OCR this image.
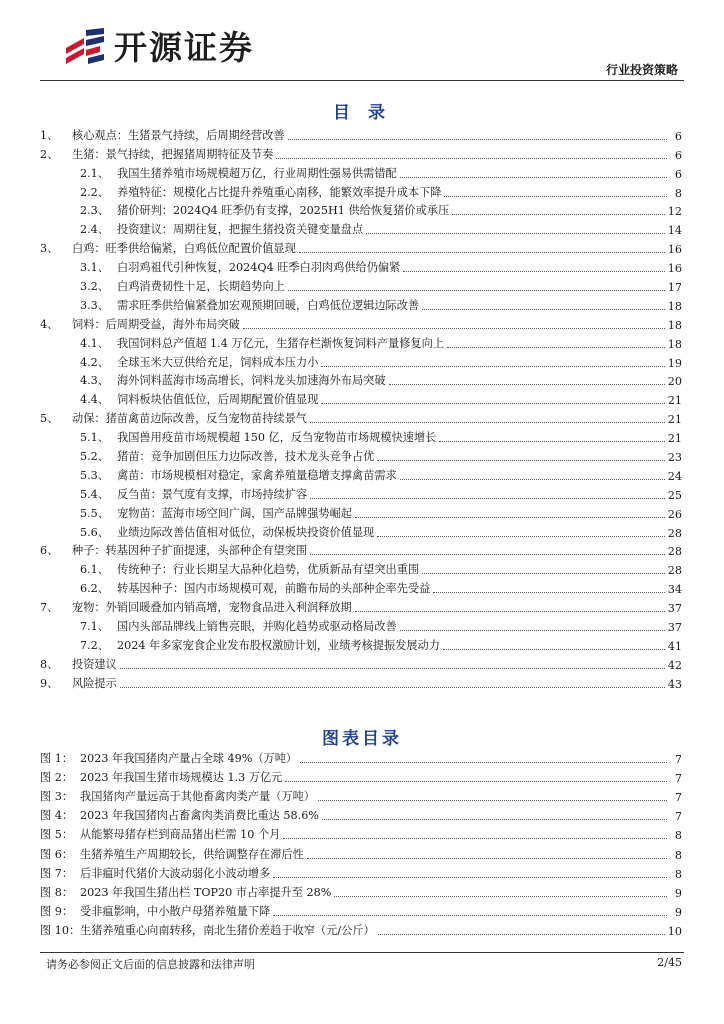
开源证券
行业投资策略
目 录
1、	核心观点：生猪景气持续，后周期经营改善	6
2、	生猪：景气持续，把握猪周期特征及节奏	6
2.1、 我国生猪养殖市场规模超万亿，行业周期性强易供需错配	6
2.2、 养殖特征：规模化占比提升养殖重心南移，能繁效率提升成本下降	8
2.3、 猪价研判：2024Q4 旺季仍有支撑，2025H1 供给恢复猪价或承压	12
2.4、 投资建议：周期往复，把握生猪投资关键变量盘点	14
3、	白鸡：旺季供给偏紧，白鸡低位配置价值显现	16
3.1、 白羽鸡祖代引种恢复，2024Q4 旺季白羽肉鸡供给仍偏紧	16
3.2、 白鸡消费韧性十足，长期趋势向上	17
3.3、 需求旺季供给偏紧叠加宏观预期回暖，白鸡低位逻辑边际改善	18
4、	饲料：后周期受益，海外布局突破	18
4.1、 我国饲料总产值超 1.4 万亿元，生猪存栏渐恢复饲料产量修复向上	18
4.2、 全球玉米大豆供给充足，饲料成本压力小	19
4.3、 海外饲料蓝海市场高增长，饲料龙头加速海外布局突破	20
4.4、 饲料板块估值低位，后周期配置价值显现	21
5、	动保：猪苗禽苗边际改善，反刍宠物苗持续景气	21
5.1、 我国兽用疫苗市场规模超 150 亿，反刍宠物苗市场规模快速增长	21
5.2、 猪苗：竞争加剧但压力边际改善，技术龙头竞争占优	23
5.3、 禽苗：市场规模相对稳定，家禽养殖量稳增支撑禽苗需求	24
5.4、 反刍苗：景气度有支撑，市场持续扩容	25
5.5、 宠物苗：蓝海市场空间广阔，国产品牌强势崛起	26
5.6、 业绩边际改善估值相对低位，动保板块投资价值显现	28
6、	种子：转基因种子扩面提速，头部种企有望突围	28
6.1、 传统种子：行业长期呈大品种化趋势，优质新品有望突出重围	28
6.2、 转基因种子：国内市场规模可观，前瞻布局的头部种企率先受益	34
7、	宠物：外销回暖叠加内销高增，宠物食品进入利润释放期	37
7.1、 国内头部品牌线上销售亮眼，并购化趋势或驱动格局改善	37
7.2、 2024 年多家宠食企业发布股权激励计划，业绩考核提振发展动力	41
8、	投资建议	42
9、	风险提示	43
图表目录
图 1： 2023 年我国猪肉产量占全球 49%（万吨）	7
图 2： 2023 年我国生猪市场规模达 1.3 万亿元	7
图 3： 我国猪肉产量远高于其他畜禽肉类产量（万吨）	7
图 4： 2023 年我国猪肉占畜禽肉类消费比重达 58.6%	7
图 5： 从能繁母猪存栏到商品猪出栏需 10 个月	8
图 6： 生猪养殖生产周期较长，供给调整存在滞后性	8
图 7： 后非瘟时代猪价大波动弱化小波动增多	8
图 8： 2023 年我国生猪出栏 TOP20 市占率提升至 28%	9
图 9： 受非瘟影响，中小散户母猪养殖量下降	9
图 10： 生猪养殖重心向南转移，南北生猪价差趋于收窄（元/公斤）	10
请务必参阅正文后面的信息披露和法律声明	2/45
